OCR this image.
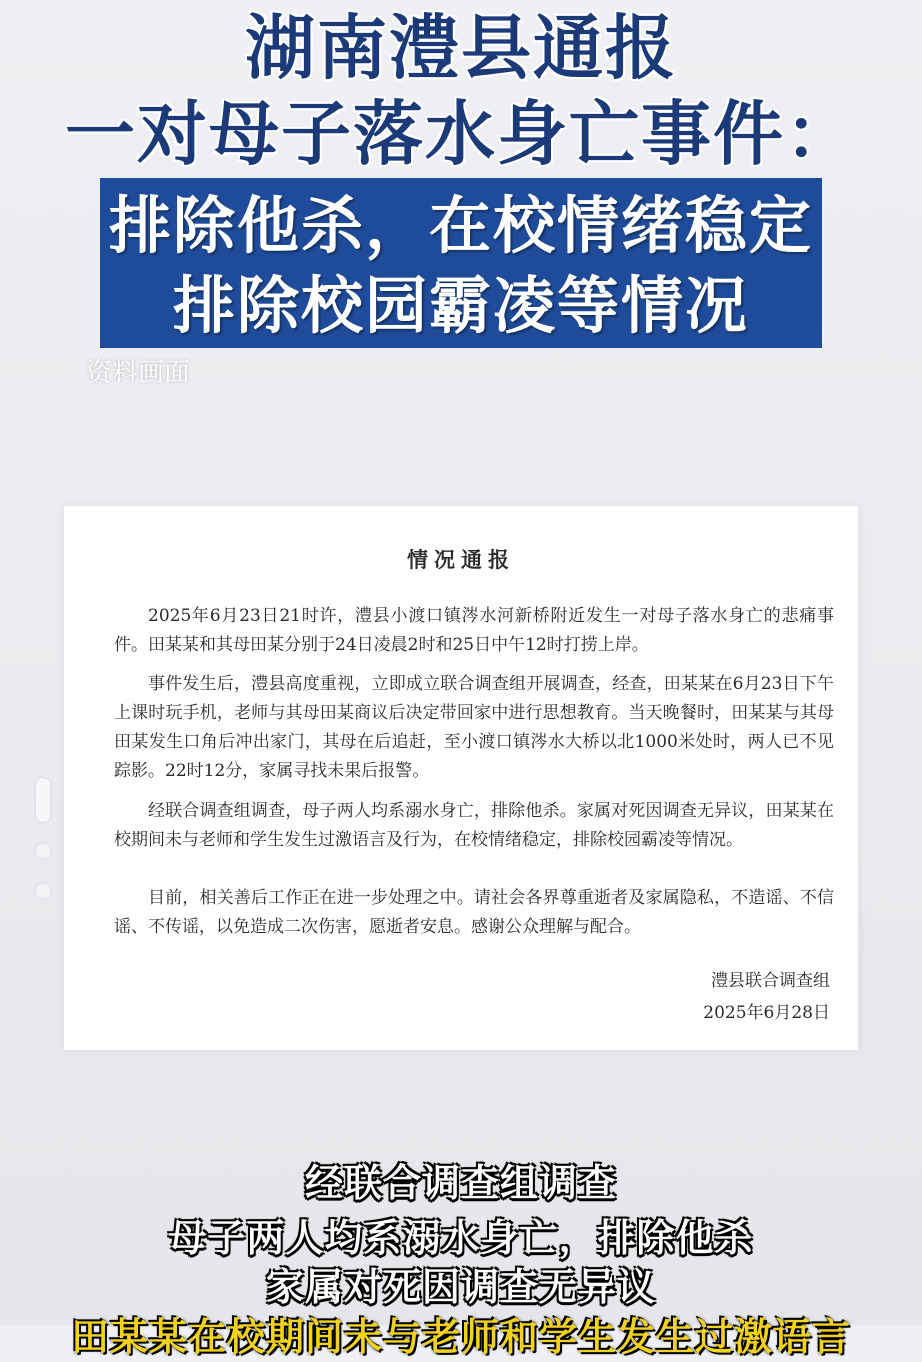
湖南澧县通报
一对母子落水身亡事件：
排除他杀，在校情绪稳定
排除校园霸凌等情况
资料画面
情况通报
2025年6月23日21时许，澧县小渡口镇涔水河新桥附近发生一对母子落水身亡的悲痛事件。田某某和其母田某分别于24日凌晨2时和25日中午12时打捞上岸。
事件发生后，澧县高度重视，立即成立联合调查组开展调查，经查，田某某在6月23日下午上课时玩手机，老师与其母田某商议后决定带回家中进行思想教育。当天晚餐时，田某某与其母田某发生口角后冲出家门，其母在后追赶，至小渡口镇涔水大桥以北1000米处时，两人已不见踪影。22时12分，家属寻找未果后报警。
经联合调查组调查，母子两人均系溺水身亡，排除他杀。家属对死因调查无异议，田某某在校期间未与老师和学生发生过激语言及行为，在校情绪稳定，排除校园霸凌等情况。
目前，相关善后工作正在进一步处理之中。请社会各界尊重逝者及家属隐私，不造谣、不信谣、不传谣，以免造成二次伤害，愿逝者安息。感谢公众理解与配合。
澧县联合调查组
2025年6月28日
经联合调查组调查
母子两人均系溺水身亡，排除他杀
家属对死因调查无异议
田某某在校期间未与老师和学生发生过激语言
